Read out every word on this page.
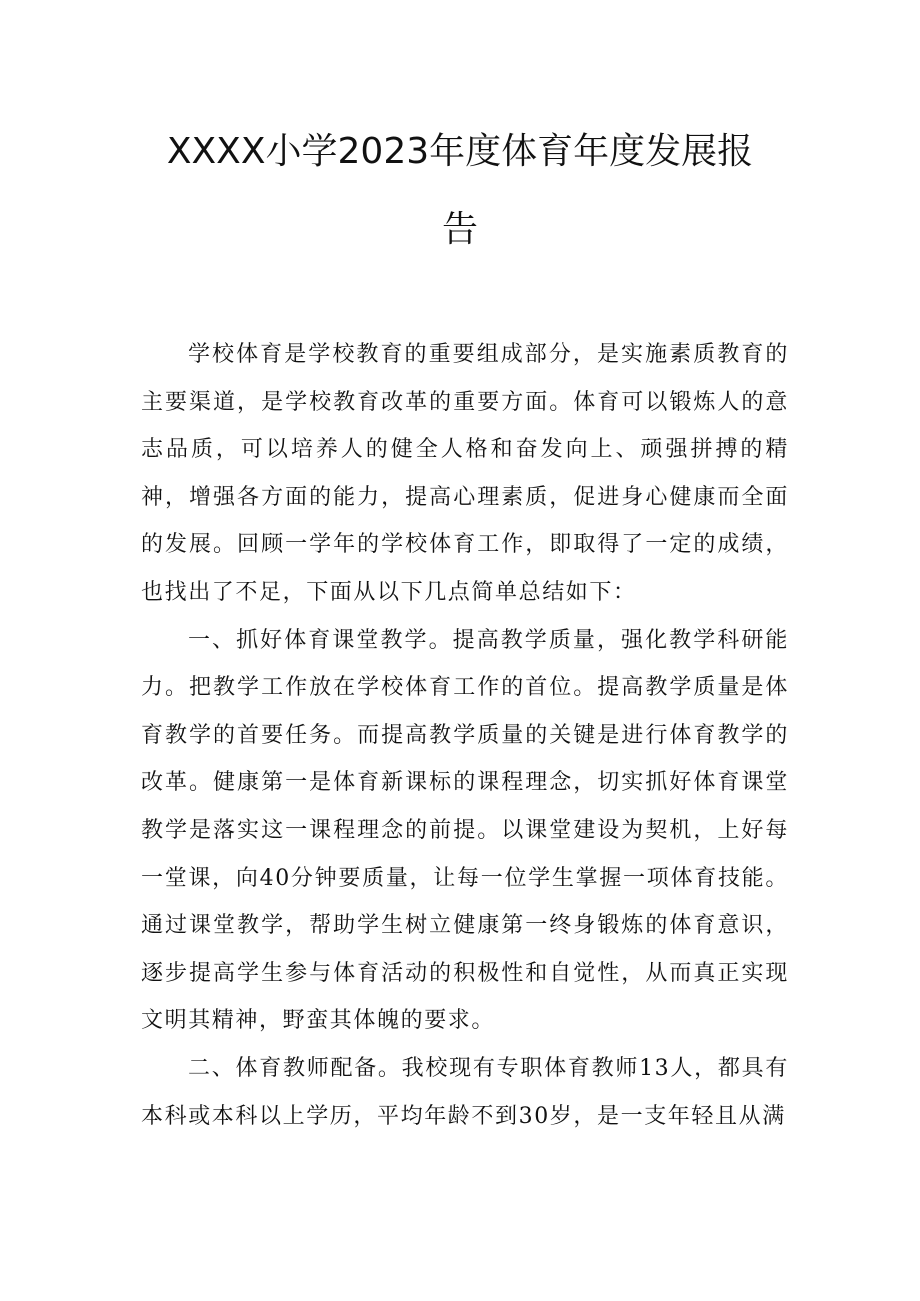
XXXX小学2023年度体育年度发展报
告

学校体育是学校教育的重要组成部分，是实施素质教育的主要渠道，是学校教育改革的重要方面。体育可以锻炼人的意志品质，可以培养人的健全人格和奋发向上、顽强拼搏的精神，增强各方面的能力，提高心理素质，促进身心健康而全面的发展。回顾一学年的学校体育工作，即取得了一定的成绩，也找出了不足，下面从以下几点简单总结如下：

一、抓好体育课堂教学。提高教学质量，强化教学科研能力。把教学工作放在学校体育工作的首位。提高教学质量是体育教学的首要任务。而提高教学质量的关键是进行体育教学的改革。健康第一是体育新课标的课程理念，切实抓好体育课堂教学是落实这一课程理念的前提。以课堂建设为契机，上好每一堂课，向40分钟要质量，让每一位学生掌握一项体育技能。通过课堂教学，帮助学生树立健康第一终身锻炼的体育意识，逐步提高学生参与体育活动的积极性和自觉性，从而真正实现文明其精神，野蛮其体魄的要求。

二、体育教师配备。我校现有专职体育教师13人，都具有本科或本科以上学历，平均年龄不到30岁，是一支年轻且从满
